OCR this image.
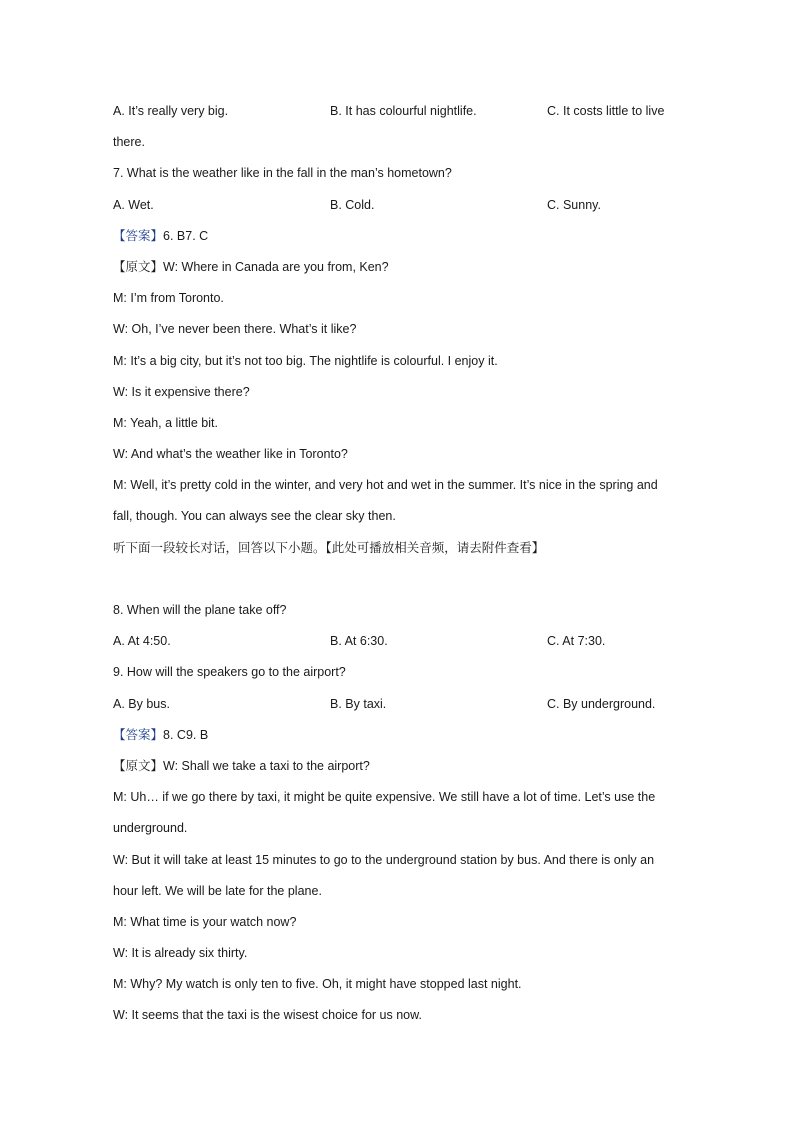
A. It’s really very big.	B. It has colourful nightlife.	C. It costs little to live
there.
7. What is the weather like in the fall in the man’s hometown?
A. Wet.	B. Cold.	C. Sunny.
【答案】6. B7. C
【原文】W: Where in Canada are you from, Ken?
M: I’m from Toronto.
W: Oh, I’ve never been there. What’s it like?
M: It’s a big city, but it’s not too big. The nightlife is colourful. I enjoy it.
W: Is it expensive there?
M: Yeah, a little bit.
W: And what’s the weather like in Toronto?
M: Well, it’s pretty cold in the winter, and very hot and wet in the summer. It’s nice in the spring and
fall, though. You can always see the clear sky then.
听下面一段较长对话，回答以下小题。【此处可播放相关音频，请去附件查看】
8. When will the plane take off?
A. At 4:50.	B. At 6:30.	C. At 7:30.
9. How will the speakers go to the airport?
A. By bus.	B. By taxi.	C. By underground.
【答案】8. C9. B
【原文】W: Shall we take a taxi to the airport?
M: Uh… if we go there by taxi, it might be quite expensive. We still have a lot of time. Let’s use the
underground.
W: But it will take at least 15 minutes to go to the underground station by bus. And there is only an
hour left. We will be late for the plane.
M: What time is your watch now?
W: It is already six thirty.
M: Why? My watch is only ten to five. Oh, it might have stopped last night.
W: It seems that the taxi is the wisest choice for us now.
